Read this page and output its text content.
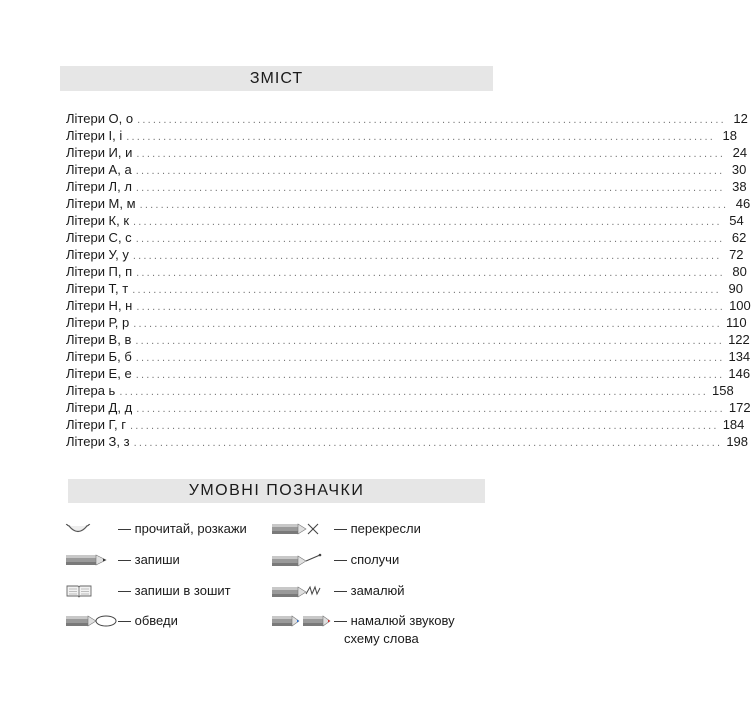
ЗМІСТ
Літери О, о ................................................................................................................ 12
Літери І, і ................................................................................................................ 18
Літери И, и ................................................................................................................ 24
Літери А, а ................................................................................................................ 30
Літери Л, л ................................................................................................................ 38
Літери М, м ................................................................................................................ 46
Літери К, к ................................................................................................................ 54
Літери С, с ................................................................................................................ 62
Літери У, у ................................................................................................................ 72
Літери П, п ................................................................................................................ 80
Літери Т, т ................................................................................................................ 90
Літери Н, н ................................................................................................................ 100
Літери Р, р ................................................................................................................ 110
Літери В, в ................................................................................................................ 122
Літери Б, б ................................................................................................................ 134
Літери Е, е ................................................................................................................ 146
Літера ь ................................................................................................................ 158
Літери Д, д ................................................................................................................ 172
Літери Г, г ................................................................................................................ 184
Літери З, з ................................................................................................................ 198
УМОВНІ ПОЗНАЧКИ
— прочитай, розкажи
— запиши
— запиши в зошит
— обведи
— перекресли
— сполучи
— замалюй
— намалюй звукову
схему слова
